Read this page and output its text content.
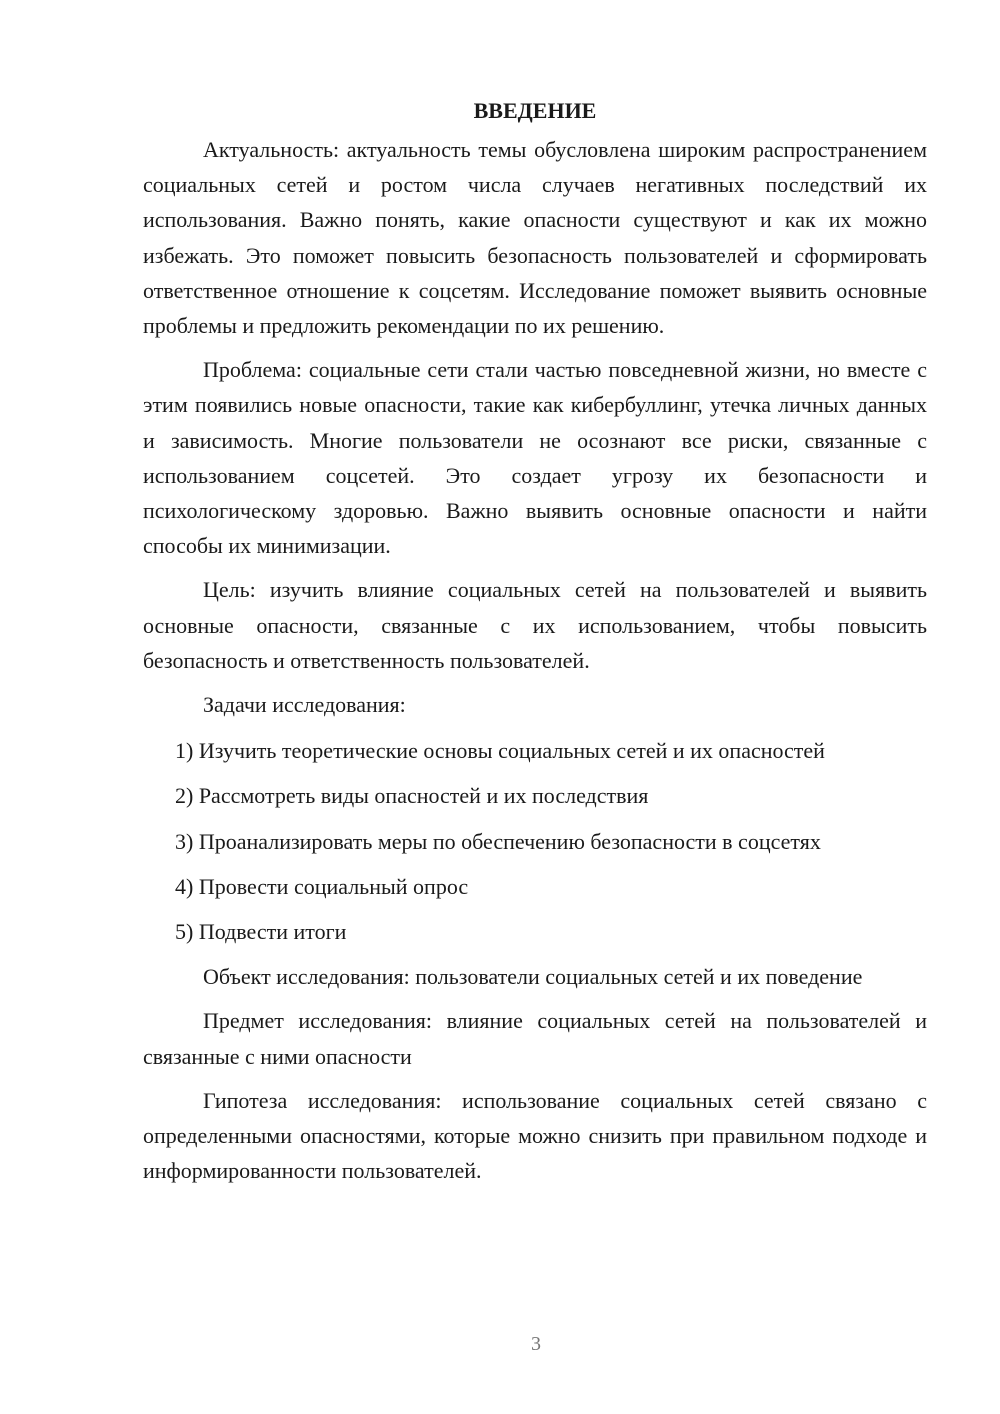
ВВЕДЕНИЕ

Актуальность: актуальность темы обусловлена широким распространением социальных сетей и ростом числа случаев негативных последствий их использования. Важно понять, какие опасности существуют и как их можно избежать. Это поможет повысить безопасность пользователей и сформировать ответственное отношение к соцсетям. Исследование поможет выявить основные проблемы и предложить рекомендации по их решению.

Проблема: социальные сети стали частью повседневной жизни, но вместе с этим появились новые опасности, такие как кибербуллинг, утечка личных данных и зависимость. Многие пользователи не осознают все риски, связанные с использованием соцсетей. Это создает угрозу их безопасности и психологическому здоровью. Важно выявить основные опасности и найти способы их минимизации.

Цель: изучить влияние социальных сетей на пользователей и выявить основные опасности, связанные с их использованием, чтобы повысить безопасность и ответственность пользователей.

Задачи исследования:

1) Изучить теоретические основы социальных сетей и их опасностей
2) Рассмотреть виды опасностей и их последствия
3) Проанализировать меры по обеспечению безопасности в соцсетях
4) Провести социальный опрос
5) Подвести итоги

Объект исследования: пользователи социальных сетей и их поведение

Предмет исследования: влияние социальных сетей на пользователей и связанные с ними опасности

Гипотеза исследования: использование социальных сетей связано с определенными опасностями, которые можно снизить при правильном подходе и информированности пользователей.

3
